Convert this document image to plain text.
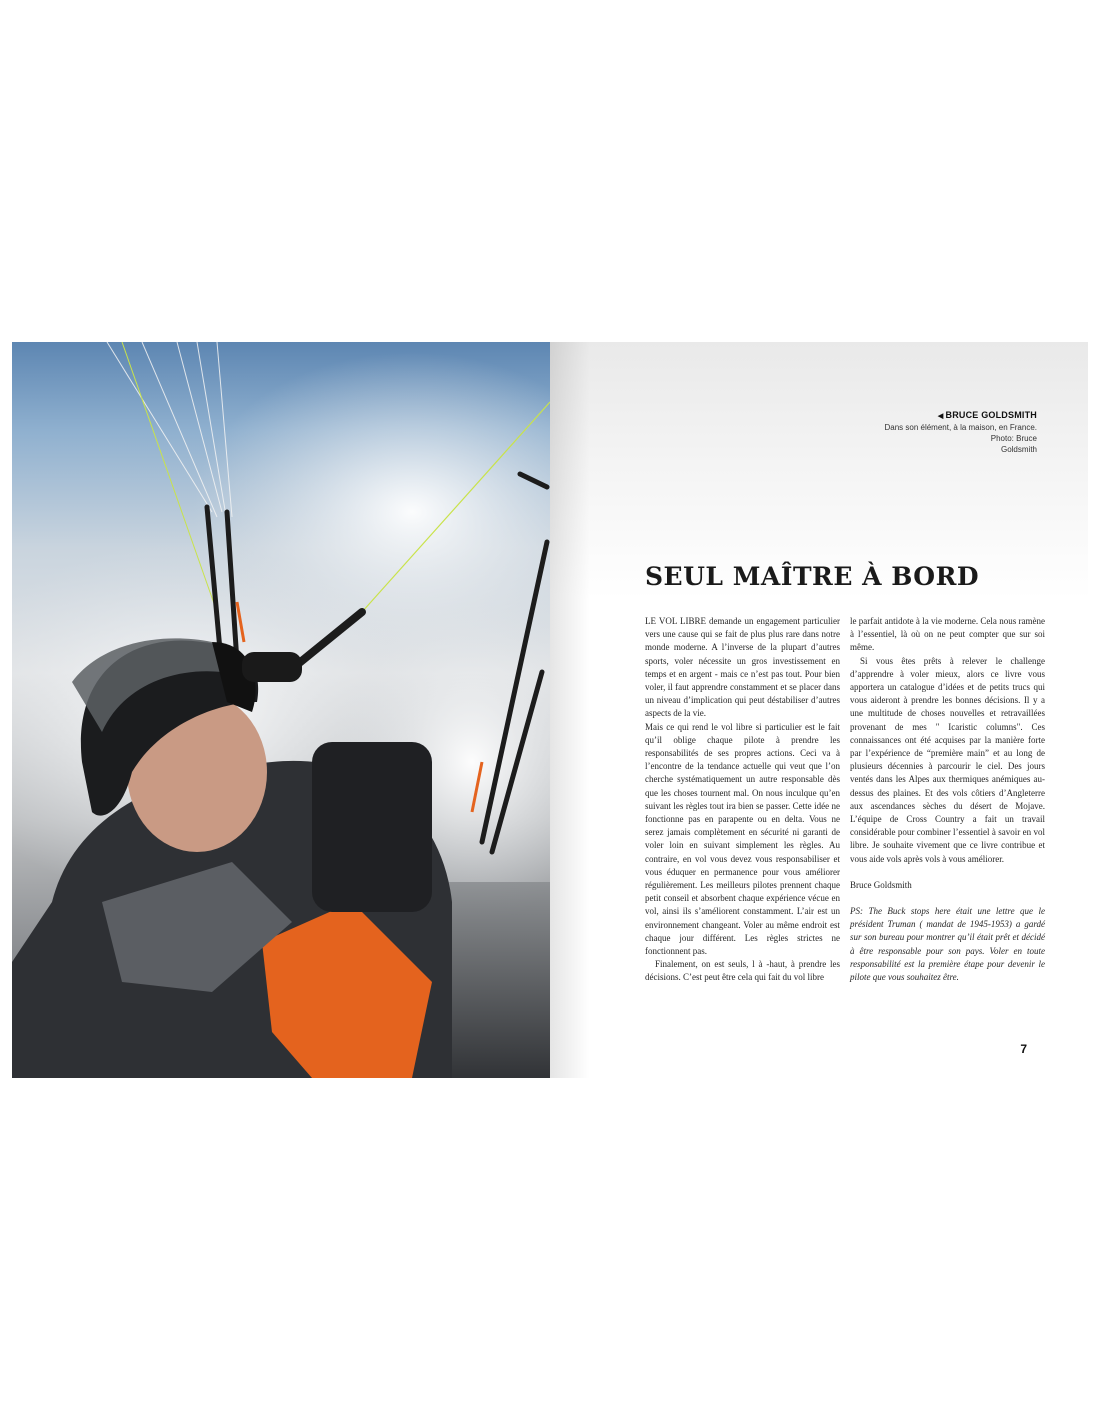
◀ BRUCE GOLDSMITH
Dans son élément, à la maison, en France.
Photo: Bruce
Goldsmith
SEUL MAÎTRE À BORD

LE VOL LIBRE demande un engagement particulier vers une cause qui se fait de plus plus rare dans notre monde moderne. A l’inverse de la plupart d’autres sports, voler nécessite un gros investissement en temps et en argent - mais ce n’est pas tout. Pour bien voler, il faut apprendre constamment et se placer dans un niveau d’implication qui peut déstabiliser d’autres aspects de la vie.

Mais ce qui rend le vol libre si particulier est le fait qu’il oblige chaque pilote à prendre les responsabilités de ses propres actions. Ceci va à l’encontre de la tendance actuelle qui veut que l’on cherche systématiquement un autre responsable dès que les choses tournent mal. On nous inculque qu’en suivant les règles tout ira bien se passer. Cette idée ne fonctionne pas en parapente ou en delta. Vous ne serez jamais complètement en sécurité ni garanti de voler loin en suivant simplement les règles. Au contraire, en vol vous devez vous responsabiliser et vous éduquer en permanence pour vous améliorer régulièrement. Les meilleurs pilotes prennent chaque petit conseil et absorbent chaque expérience vécue en vol, ainsi ils s’améliorent constamment. L’air est un environnement changeant. Voler au même endroit est chaque jour différent. Les règles strictes ne fonctionnent pas.

Finalement, on est seuls, l à -haut, à prendre les décisions. C’est peut être cela qui fait du vol libre

le parfait antidote à la vie moderne. Cela nous ramène à l’essentiel, là où on ne peut compter que sur soi même.

Si vous êtes prêts à relever le challenge d’apprendre à voler mieux, alors ce livre vous apportera un catalogue d’idées et de petits trucs qui vous aideront à prendre les bonnes décisions. Il y a une multitude de choses nouvelles et retravaillées provenant de mes " Icaristic columns". Ces connaissances ont été acquises par la manière forte par l’expérience de “première main” et au long de plusieurs décennies à parcourir le ciel. Des jours ventés dans les Alpes aux thermiques anémiques au-dessus des plaines. Et des vols côtiers d’Angleterre aux ascendances sèches du désert de Mojave. L’équipe de Cross Country a fait un travail considérable pour combiner l’essentiel à savoir en vol libre. Je souhaite vivement que ce livre contribue et vous aide vols après vols à vous améliorer.

Bruce Goldsmith

PS: The Buck stops here était une lettre que le président Truman ( mandat de 1945-1953) a gardé sur son bureau pour montrer qu’il était prêt et décidé à être responsable pour son pays. Voler en toute responsabilité est la première étape pour devenir le pilote que vous souhaitez être.

7
